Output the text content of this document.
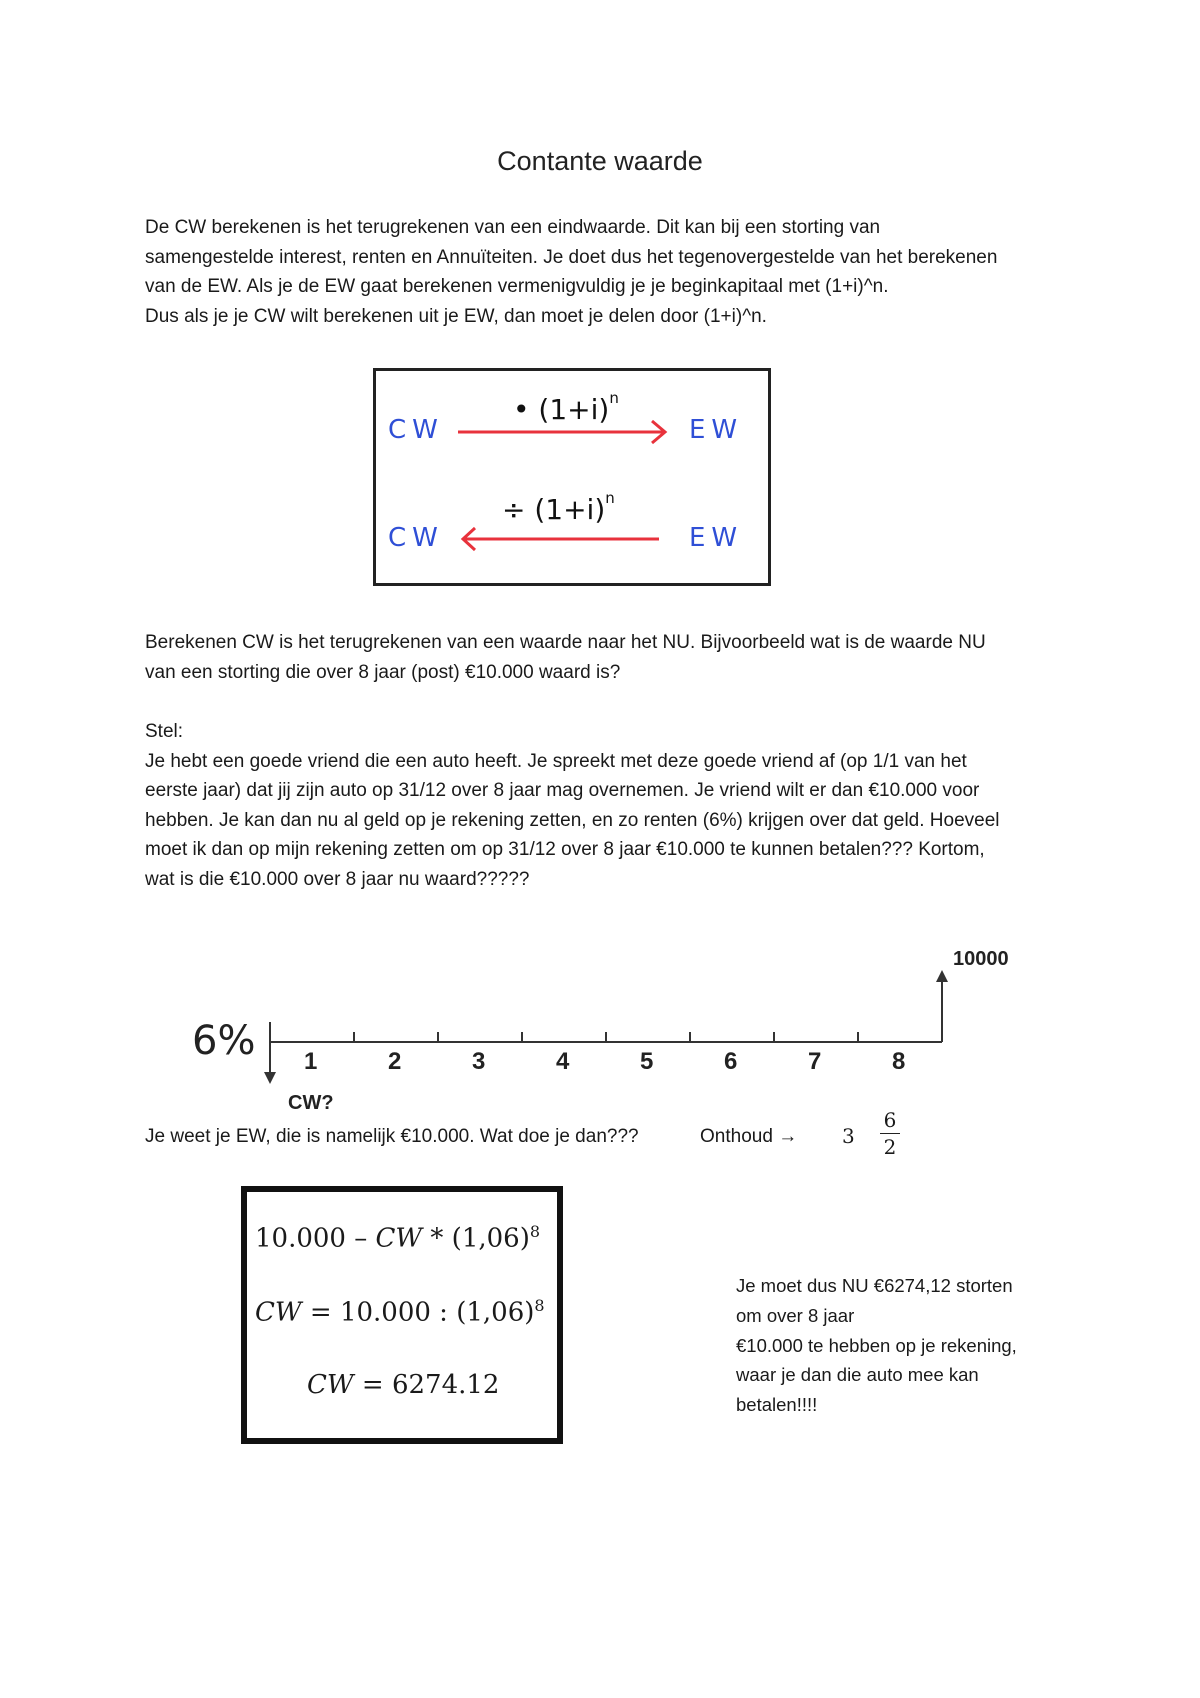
Contante waarde

De CW berekenen is het terugrekenen van een eindwaarde. Dit kan bij een storting van

samengestelde interest, renten en Annuïteiten. Je doet dus het tegenovergestelde van het berekenen

van de EW. Als je de EW gaat berekenen vermenigvuldig je je beginkapitaal met (1+i)^n.

Dus als je je CW wilt berekenen uit je EW, dan moet je delen door (1+i)^n.

CW	EW
• $(1+i)^n$
CW	EW
÷ $(1+i)^n$

Berekenen CW is het terugrekenen van een waarde naar het NU. Bijvoorbeeld wat is de waarde NU

van een storting die over 8 jaar (post) €10.000 waard is?

Stel:

Je hebt een goede vriend die een auto heeft. Je spreekt met deze goede vriend af (op 1/1 van het

eerste jaar) dat jij zijn auto op 31/12 over 8 jaar mag overnemen. Je vriend wilt er dan €10.000 voor

hebben. Je kan dan nu al geld op je rekening zetten, en zo renten (6%) krijgen over dat geld. Hoeveel

moet ik dan op mijn rekening zetten om op 31/12 over 8 jaar €10.000 te kunnen betalen??? Kortom,

wat is die €10.000 over 8 jaar nu waard?????

6%
10000
1	2	3	4	5	6	7	8
CW?
Je weet je EW, die is namelijk €10.000. Wat doe je dan???	Onthoud → 3
6
2
10.000 – CW * $(1,06)^8$
CW = 10.000 : $(1,06)^8$
CW = 6274.12
Je moet dus NU €6274,12 storten
om over 8 jaar
€10.000 te hebben op je rekening,
waar je dan die auto mee kan
betalen!!!!
